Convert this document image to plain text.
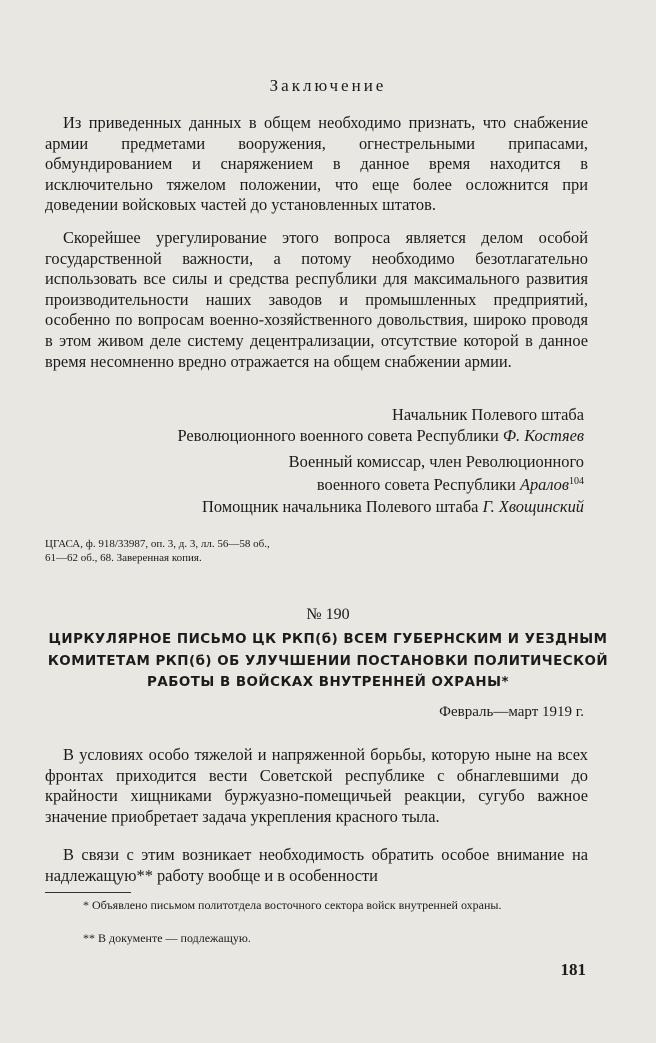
Заключение

Из приведенных данных в общем необходимо признать, что снабжение армии предметами вооружения, огнестрельными припасами, обмундированием и снаряжением в данное время находится в исключительно тяжелом положении, что еще более осложнится при доведении войсковых частей до установленных штатов.

Скорейшее урегулирование этого вопроса является делом особой государственной важности, а потому необходимо безотлагательно использовать все силы и средства республики для максимального развития производительности наших заводов и промышленных предприятий, особенно по вопросам военно-хозяйственного довольствия, широко проводя в этом живом деле систему децентрализации, отсутствие которой в данное время несомненно вредно отражается на общем снабжении армии.

Начальник Полевого штаба
Революционного военного совета Республики Ф. Костяев
Военный комиссар, член Революционного
военного совета Республики Аралов$^{104}$
Помощник начальника Полевого штаба Г. Хвощинский
ЦГАСА, ф. 918/33987, оп. 3, д. 3, лл. 56—58 об., 61—62 об., 68. Заверенная копия.
№ 190
ЦИРКУЛЯРНОЕ ПИСЬМО ЦК РКП(б) ВСЕМ ГУБЕРНСКИМ И УЕЗДНЫМ КОМИТЕТАМ РКП(б) ОБ УЛУЧШЕНИИ ПОСТАНОВКИ ПОЛИТИЧЕСКОЙ РАБОТЫ В ВОЙСКАХ ВНУТРЕННЕЙ ОХРАНЫ*
Февраль—март 1919 г.

В условиях особо тяжелой и напряженной борьбы, которую ныне на всех фронтах приходится вести Советской республике с обнаглевшими до крайности хищниками буржуазно-помещичьей реакции, сугубо важное значение приобретает задача укрепления красного тыла.

В связи с этим возникает необходимость обратить особое внимание на надлежащую** работу вообще и в особенности

* Объявлено письмом политотдела восточного сектора войск внутренней охраны.
** В документе — подлежащую.
181
